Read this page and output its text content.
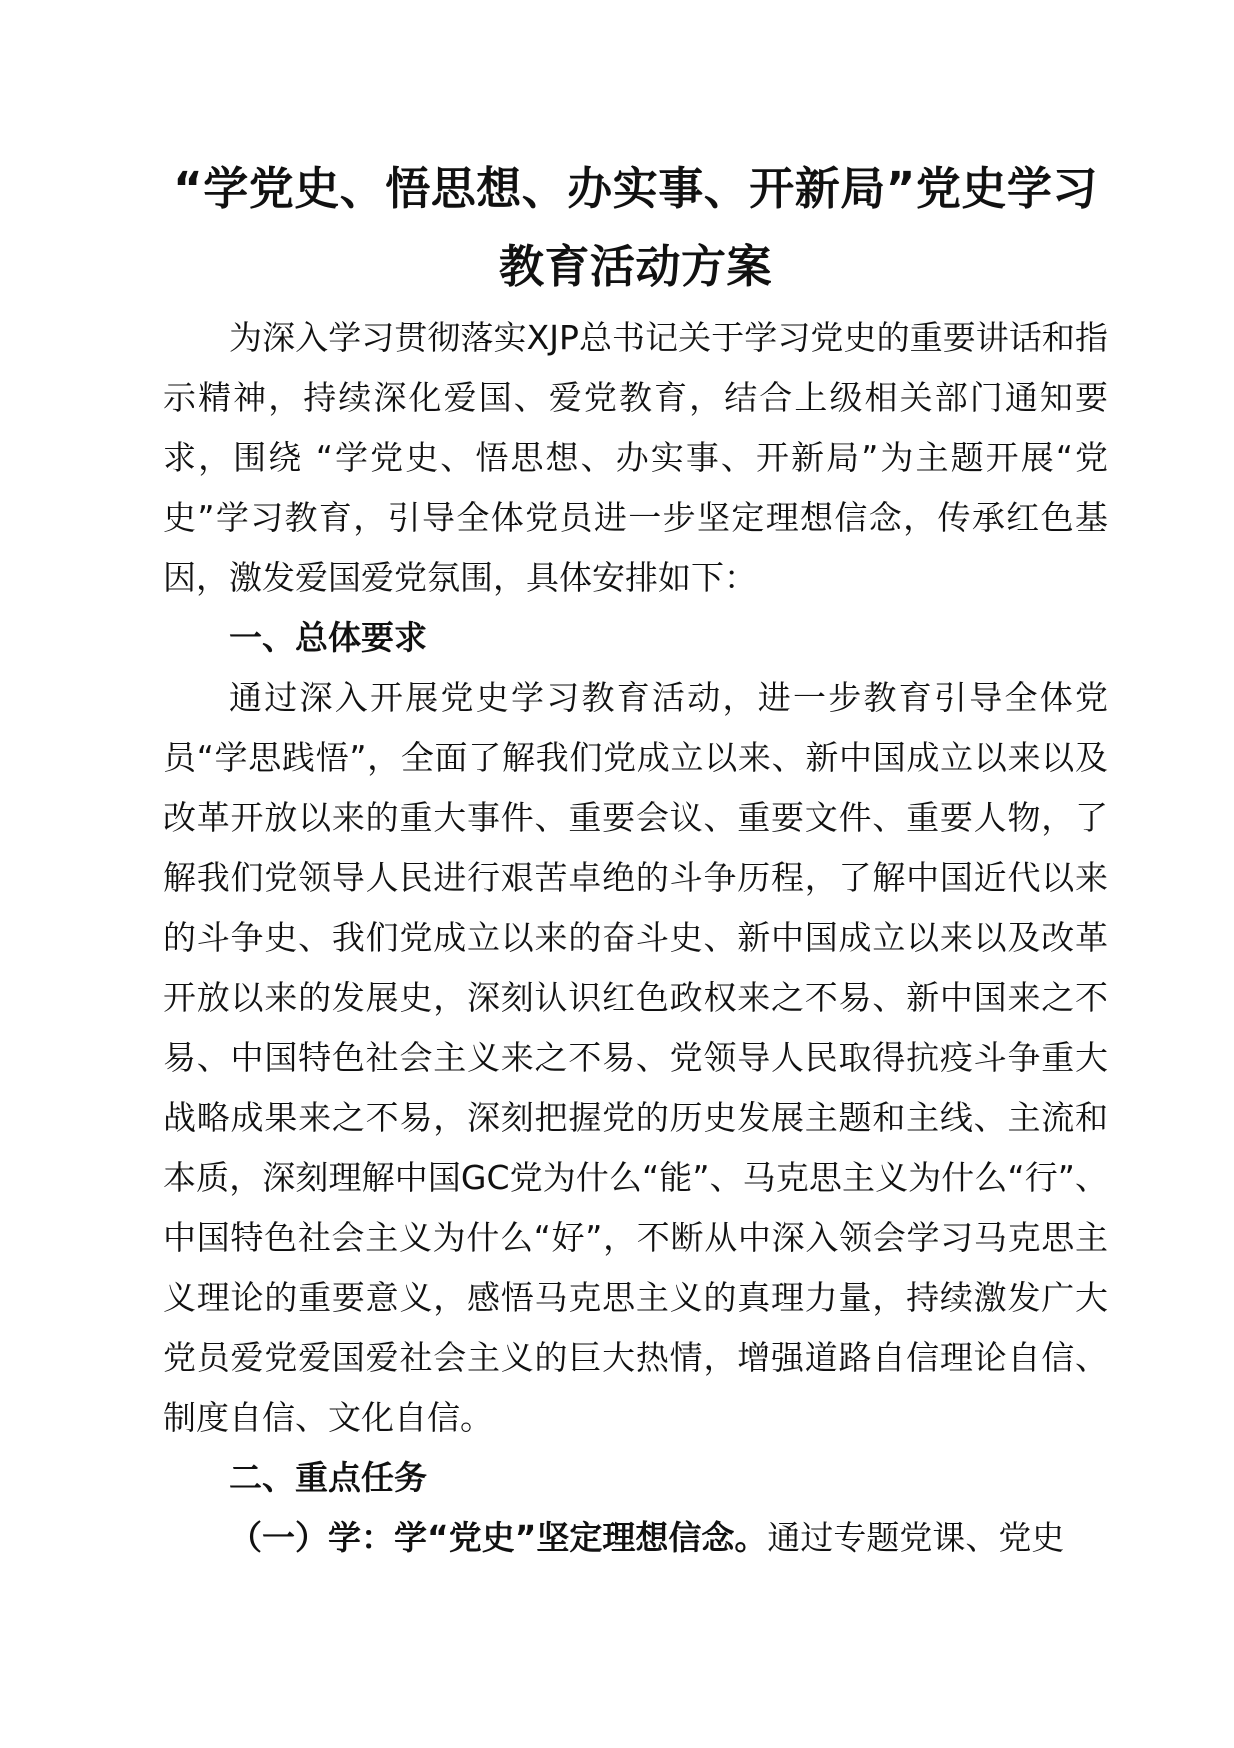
“学党史、悟思想、办实事、开新局”党史学习
教育活动方案

为深入学习贯彻落实XJP总书记关于学习党史的重要讲话和指示精神，持续深化爱国、爱党教育，结合上级相关部门通知要求，围绕 “学党史、悟思想、办实事、开新局”为主题开展“党史”学习教育，引导全体党员进一步坚定理想信念，传承红色基因，激发爱国爱党氛围，具体安排如下：

一、总体要求

通过深入开展党史学习教育活动，进一步教育引导全体党员“学思践悟”，全面了解我们党成立以来、新中国成立以来以及改革开放以来的重大事件、重要会议、重要文件、重要人物，了解我们党领导人民进行艰苦卓绝的斗争历程，了解中国近代以来的斗争史、我们党成立以来的奋斗史、新中国成立以来以及改革开放以来的发展史，深刻认识红色政权来之不易、新中国来之不易、中国特色社会主义来之不易、党领导人民取得抗疫斗争重大战略成果来之不易，深刻把握党的历史发展主题和主线、主流和本质，深刻理解中国GC党为什么“能”、马克思主义为什么“行”、中国特色社会主义为什么“好”，不断从中深入领会学习马克思主义理论的重要意义，感悟马克思主义的真理力量，持续激发广大党员爱党爱国爱社会主义的巨大热情，增强道路自信理论自信、制度自信、文化自信。

二、重点任务

（一）学：学“党史”坚定理想信念。通过专题党课、党史
